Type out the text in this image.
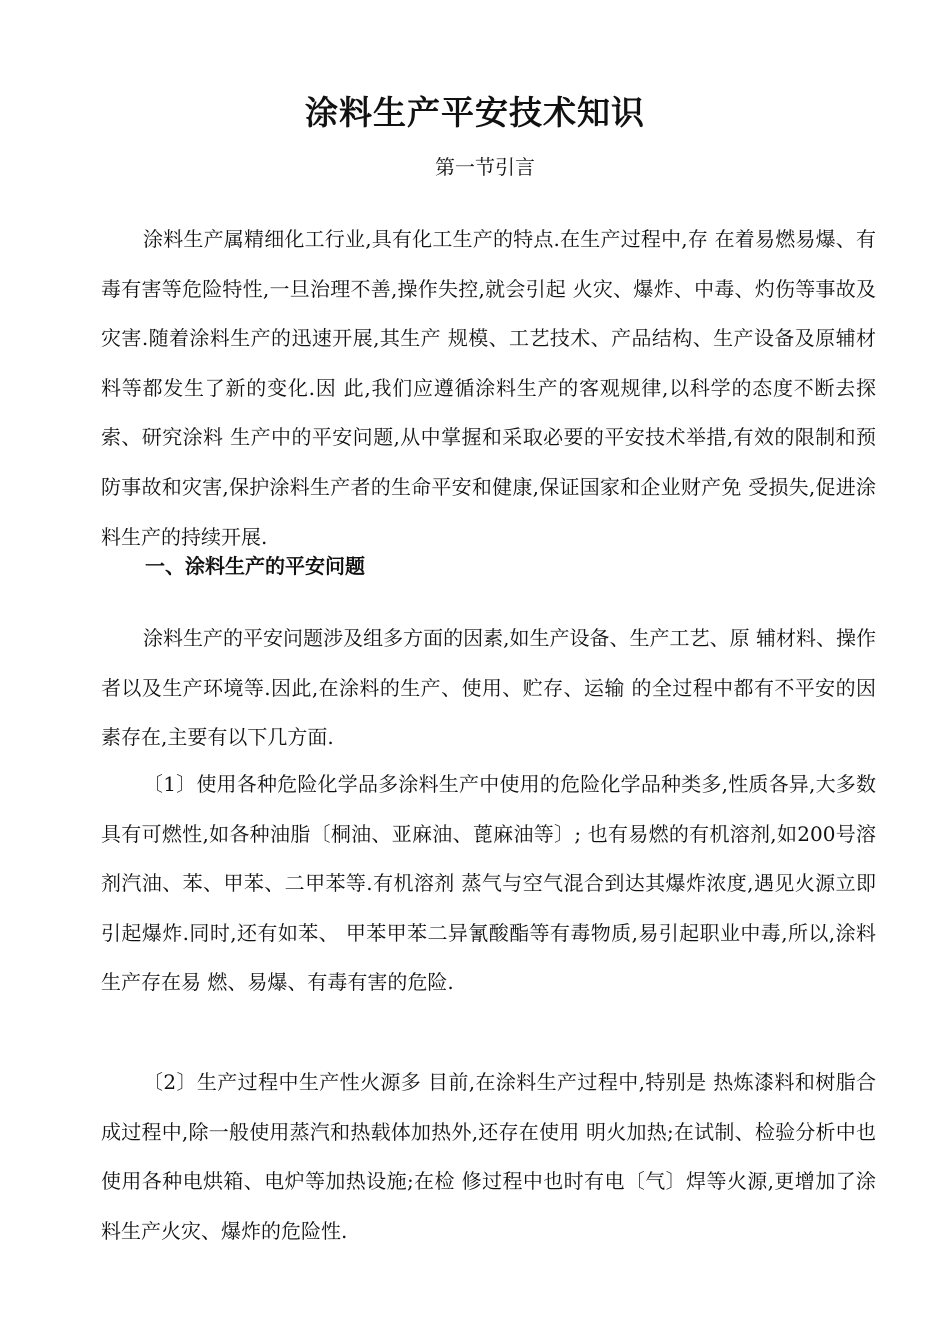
涂料生产平安技术知识
第一节引言

涂料生产属精细化工行业,具有化工生产的特点.在生产过程中,存 在着易燃易爆、有毒有害等危险特性,一旦治理不善,操作失控,就会引起 火灾、爆炸、中毒、灼伤等事故及灾害.随着涂料生产的迅速开展,其生产 规模、工艺技术、产品结构、生产设备及原辅材料等都发生了新的变化.因 此,我们应遵循涂料生产的客观规律,以科学的态度不断去探索、研究涂料 生产中的平安问题,从中掌握和采取必要的平安技术举措,有效的限制和预 防事故和灾害,保护涂料生产者的生命平安和健康,保证国家和企业财产免 受损失,促进涂料生产的持续开展.

一、涂料生产的平安问题

涂料生产的平安问题涉及组多方面的因素,如生产设备、生产工艺、原 辅材料、操作者以及生产环境等.因此,在涂料的生产、使用、贮存、运输 的全过程中都有不平安的因素存在,主要有以下几方面.

〔1〕使用各种危险化学品多涂料生产中使用的危险化学品种类多,性质各异,大多数具有可燃性,如各种油脂〔桐油、亚麻油、蓖麻油等〕; 也有易燃的有机溶剂,如200号溶剂汽油、苯、甲苯、二甲苯等.有机溶剂 蒸气与空气混合到达其爆炸浓度,遇见火源立即引起爆炸.同时,还有如苯、 甲苯甲苯二异氰酸酯等有毒物质,易引起职业中毒,所以,涂料生产存在易 燃、易爆、有毒有害的危险.

〔2〕生产过程中生产性火源多 目前,在涂料生产过程中,特别是 热炼漆料和树脂合成过程中,除一般使用蒸汽和热载体加热外,还存在使用 明火加热;在试制、检验分析中也使用各种电烘箱、电炉等加热设施;在检 修过程中也时有电〔气〕焊等火源,更增加了涂料生产火灾、爆炸的危险性.
